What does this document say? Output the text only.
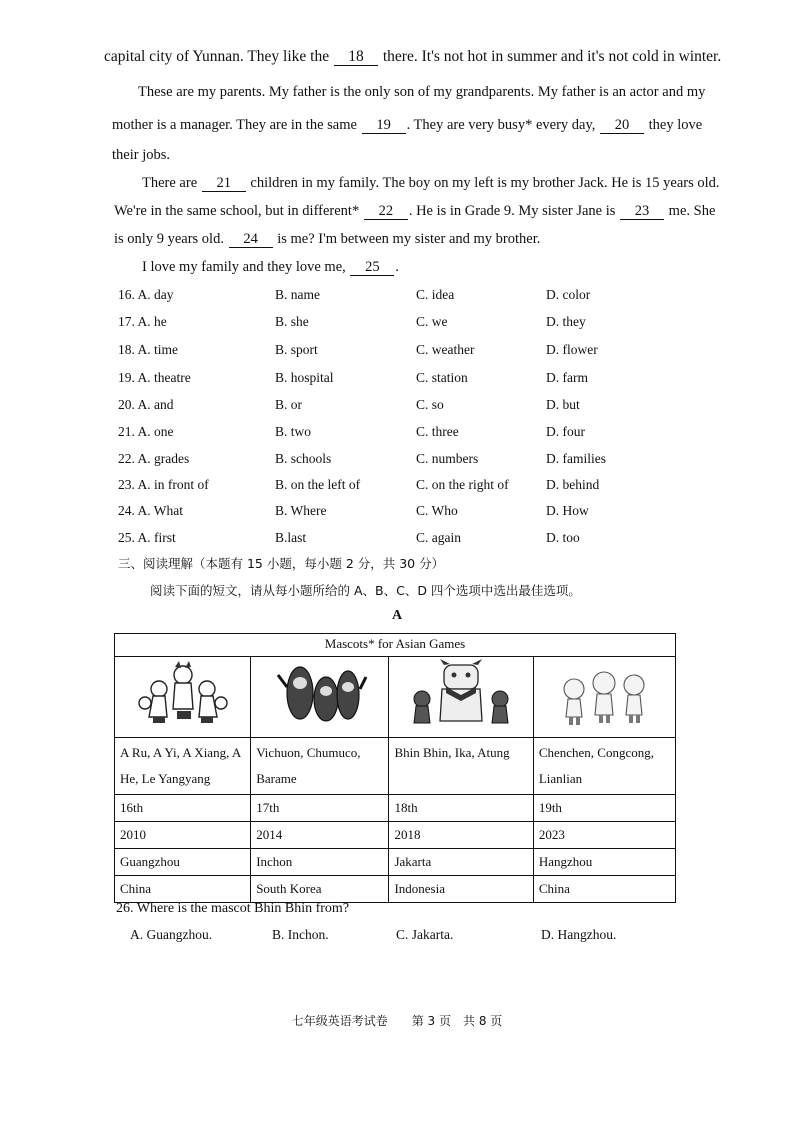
capital city of Yunnan. They like the 18 there. It's not hot in summer and it's not cold in winter.
These are my parents. My father is the only son of my grandparents. My father is an actor and my
mother is a manager. They are in the same 19 . They are very busy* every day, 20 they love
their jobs.
There are 21 children in my family. The boy on my left is my brother Jack. He is 15 years old.
We're in the same school, but in different* 22 . He is in Grade 9. My sister Jane is 23 me. She
is only 9 years old. 24 is me? I'm between my sister and my brother.
I love my family and they love me, 25 .
16. A. day	B. name	C. idea	D. color
17. A. he	B. she	C. we	D. they
18. A. time	B. sport	C. weather	D. flower
19. A. theatre	B. hospital	C. station	D. farm
20. A. and	B. or	C. so	D. but
21. A. one	B. two	C. three	D. four
22. A. grades	B. schools	C. numbers	D. families
23. A. in front of	B. on the left of	C. on the right of	D. behind
24. A. What	B. Where	C. Who	D. How
25. A. first	B.last	C. again	D. too
三、阅读理解（本题有 15 小题，每小题 2 分，共 30 分）
阅读下面的短文，请从每小题所给的 A、B、C、D 四个选项中选出最佳选项。
A
Mascots* for Asian Games			

A Ru, A Yi, A Xiang, A He, Le Yangyang	Vichuon, Chumuco, Barame	Bhin Bhin, Ika, Atung	Chenchen, Congcong, Lianlian
16th	17th	18th	19th
2010	2014	2018	2023
Guangzhou	Inchon	Jakarta	Hangzhou
China	South Korea	Indonesia	China
26. Where is the mascot Bhin Bhin from?
A. Guangzhou.	B. Inchon.	C. Jakarta.	D. Hangzhou.
七年级英语考试卷　　第 3 页　共 8 页
